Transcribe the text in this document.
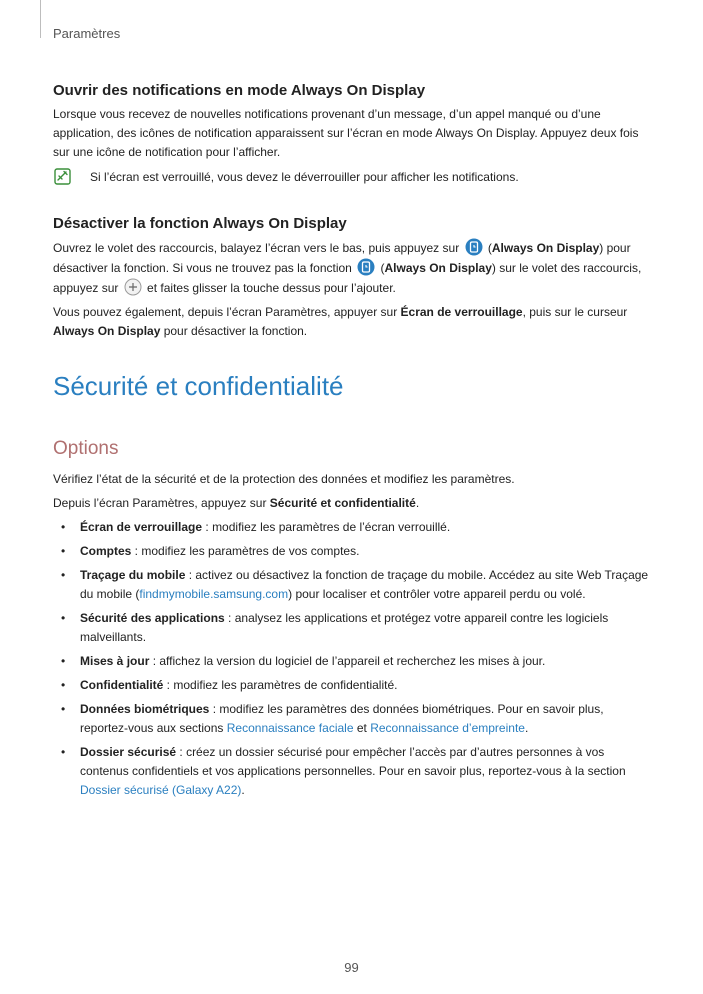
Paramètres
Ouvrir des notifications en mode Always On Display

Lorsque vous recevez de nouvelles notifications provenant d’un message, d’un appel manqué ou d’une application, des icônes de notification apparaissent sur l’écran en mode Always On Display. Appuyez deux fois sur une icône de notification pour l’afficher.

Si l’écran est verrouillé, vous devez le déverrouiller pour afficher les notifications.
Désactiver la fonction Always On Display

Ouvrez le volet des raccourcis, balayez l’écran vers le bas, puis appuyez sur  (Always On Display) pour désactiver la fonction. Si vous ne trouvez pas la fonction  (Always On Display) sur le volet des raccourcis, appuyez sur  et faites glisser la touche dessus pour l’ajouter.

Vous pouvez également, depuis l’écran Paramètres, appuyer sur Écran de verrouillage, puis sur le curseur Always On Display pour désactiver la fonction.

Sécurité et confidentialité
Options

Vérifiez l’état de la sécurité et de la protection des données et modifiez les paramètres.

Depuis l’écran Paramètres, appuyez sur Sécurité et confidentialité.

• Écran de verrouillage : modifiez les paramètres de l’écran verrouillé.
• Comptes : modifiez les paramètres de vos comptes.
• Traçage du mobile : activez ou désactivez la fonction de traçage du mobile. Accédez au site Web Traçage du mobile (findmymobile.samsung.com) pour localiser et contrôler votre appareil perdu ou volé.
• Sécurité des applications : analysez les applications et protégez votre appareil contre les logiciels malveillants.
• Mises à jour : affichez la version du logiciel de l’appareil et recherchez les mises à jour.
• Confidentialité : modifiez les paramètres de confidentialité.
• Données biométriques : modifiez les paramètres des données biométriques. Pour en savoir plus, reportez-vous aux sections Reconnaissance faciale et Reconnaissance d’empreinte.
• Dossier sécurisé : créez un dossier sécurisé pour empêcher l’accès par d’autres personnes à vos contenus confidentiels et vos applications personnelles. Pour en savoir plus, reportez-vous à la section Dossier sécurisé (Galaxy A22).
99
